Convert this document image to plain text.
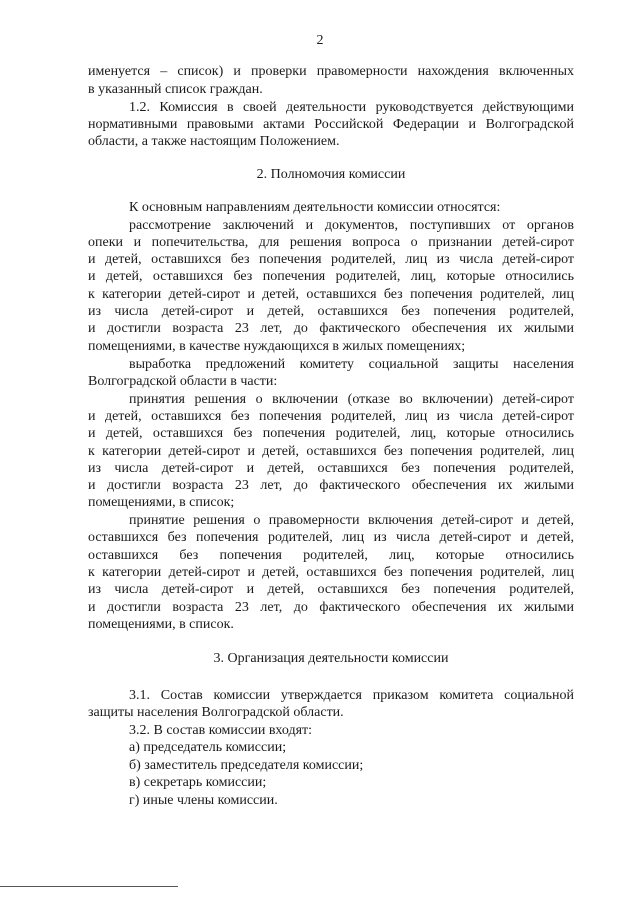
2
именуется – список) и проверки правомерности нахождения включенных
в указанный список граждан.
1.2. Комиссия в своей деятельности руководствуется действующими
нормативными правовыми актами Российской Федерации и Волгоградской
области, а также настоящим Положением.
2. Полномочия комиссии
К основным направлениям деятельности комиссии относятся:
рассмотрение заключений и документов, поступивших от органов
опеки и попечительства, для решения вопроса о признании детей-сирот
и детей, оставшихся без попечения родителей, лиц из числа детей-сирот
и детей, оставшихся без попечения родителей, лиц, которые относились
к категории детей-сирот и детей, оставшихся без попечения родителей, лиц
из числа детей-сирот и детей, оставшихся без попечения родителей,
и достигли возраста 23 лет, до фактического обеспечения их жилыми
помещениями, в качестве нуждающихся в жилых помещениях;
выработка предложений комитету социальной защиты населения
Волгоградской области в части:
принятия решения о включении (отказе во включении) детей-сирот
и детей, оставшихся без попечения родителей, лиц из числа детей-сирот
и детей, оставшихся без попечения родителей, лиц, которые относились
к категории детей-сирот и детей, оставшихся без попечения родителей, лиц
из числа детей-сирот и детей, оставшихся без попечения родителей,
и достигли возраста 23 лет, до фактического обеспечения их жилыми
помещениями, в список;
принятие решения о правомерности включения детей-сирот и детей,
оставшихся без попечения родителей, лиц из числа детей-сирот и детей,
оставшихся без попечения родителей, лиц, которые относились
к категории детей-сирот и детей, оставшихся без попечения родителей, лиц
из числа детей-сирот и детей, оставшихся без попечения родителей,
и достигли возраста 23 лет, до фактического обеспечения их жилыми
помещениями, в список.
3. Организация деятельности комиссии
3.1. Состав комиссии утверждается приказом комитета социальной
защиты населения Волгоградской области.
3.2. В состав комиссии входят:
а) председатель комиссии;
б) заместитель председателя комиссии;
в) секретарь комиссии;
г) иные члены комиссии.
